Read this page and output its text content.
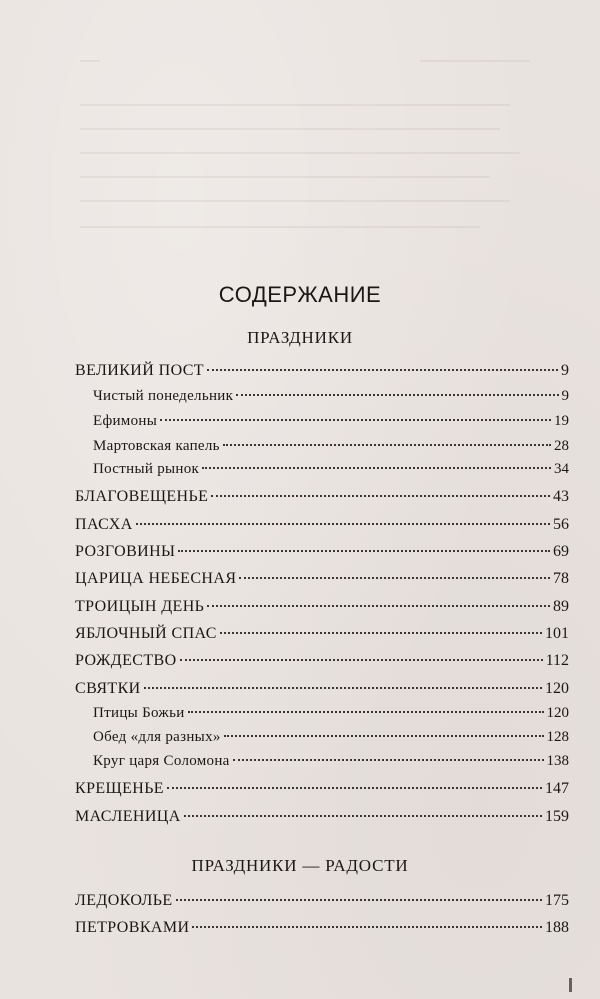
СОДЕРЖАНИЕ
ПРАЗДНИКИ
ВЕЛИКИЙ ПОСТ	9
Чистый понедельник	9
Ефимоны	19
Мартовская капель	28
Постный рынок	34
БЛАГОВЕЩЕНЬЕ	43
ПАСХА	56
РОЗГОВИНЫ	69
ЦАРИЦА НЕБЕСНАЯ	78
ТРОИЦЫН ДЕНЬ	89
ЯБЛОЧНЫЙ СПАС	101
РОЖДЕСТВО	112
СВЯТКИ	120
Птицы Божьи	120
Обед «для разных»	128
Круг царя Соломона	138
КРЕЩЕНЬЕ	147
МАСЛЕНИЦА	159
ПРАЗДНИКИ — РАДОСТИ
ЛЕДОКОЛЬЕ	175
ПЕТРОВКАМИ	188
